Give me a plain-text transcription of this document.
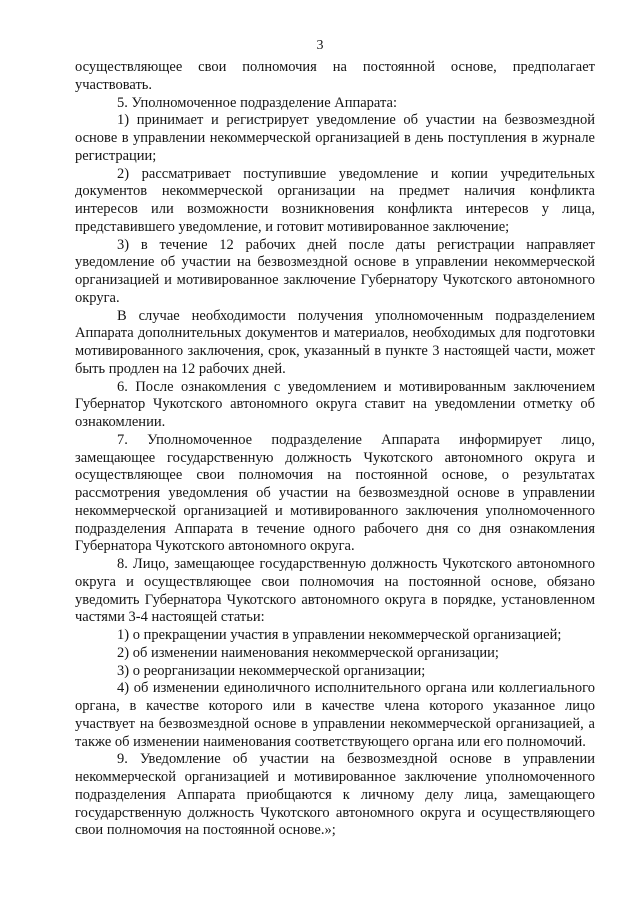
3

осуществляющее свои полномочия на постоянной основе, предполагает участвовать.

5. Уполномоченное подразделение Аппарата:

1) принимает и регистрирует уведомление об участии на безвозмездной основе в управлении некоммерческой организацией в день поступления в журнале регистрации;

2) рассматривает поступившие уведомление и копии учредительных документов некоммерческой организации на предмет наличия конфликта интересов или возможности возникновения конфликта интересов у лица, представившего уведомление, и готовит мотивированное заключение;

3) в течение 12 рабочих дней после даты регистрации направляет уведомление об участии на безвозмездной основе в управлении некоммерческой организацией и мотивированное заключение Губернатору Чукотского автономного округа.

В случае необходимости получения уполномоченным подразделением Аппарата дополнительных документов и материалов, необходимых для подготовки мотивированного заключения, срок, указанный в пункте 3 настоящей части, может быть продлен на 12 рабочих дней.

6. После ознакомления с уведомлением и мотивированным заключением Губернатор Чукотского автономного округа ставит на уведомлении отметку об ознакомлении.

7. Уполномоченное подразделение Аппарата информирует лицо, замещающее государственную должность Чукотского автономного округа и осуществляющее свои полномочия на постоянной основе, о результатах рассмотрения уведомления об участии на безвозмездной основе в управлении некоммерческой организацией и мотивированного заключения уполномоченного подразделения Аппарата в течение одного рабочего дня со дня ознакомления Губернатора Чукотского автономного округа.

8. Лицо, замещающее государственную должность Чукотского автономного округа и осуществляющее свои полномочия на постоянной основе, обязано уведомить Губернатора Чукотского автономного округа в порядке, установленном частями 3-4 настоящей статьи:

1) о прекращении участия в управлении некоммерческой организацией;

2) об изменении наименования некоммерческой организации;

3) о реорганизации некоммерческой организации;

4) об изменении единоличного исполнительного органа или коллегиального органа, в качестве которого или в качестве члена которого указанное лицо участвует на безвозмездной основе в управлении некоммерческой организацией, а также об изменении наименования соответствующего органа или его полномочий.

9. Уведомление об участии на безвозмездной основе в управлении некоммерческой организацией и мотивированное заключение уполномоченного подразделения Аппарата приобщаются к личному делу лица, замещающего государственную должность Чукотского автономного округа и осуществляющего свои полномочия на постоянной основе.»;
